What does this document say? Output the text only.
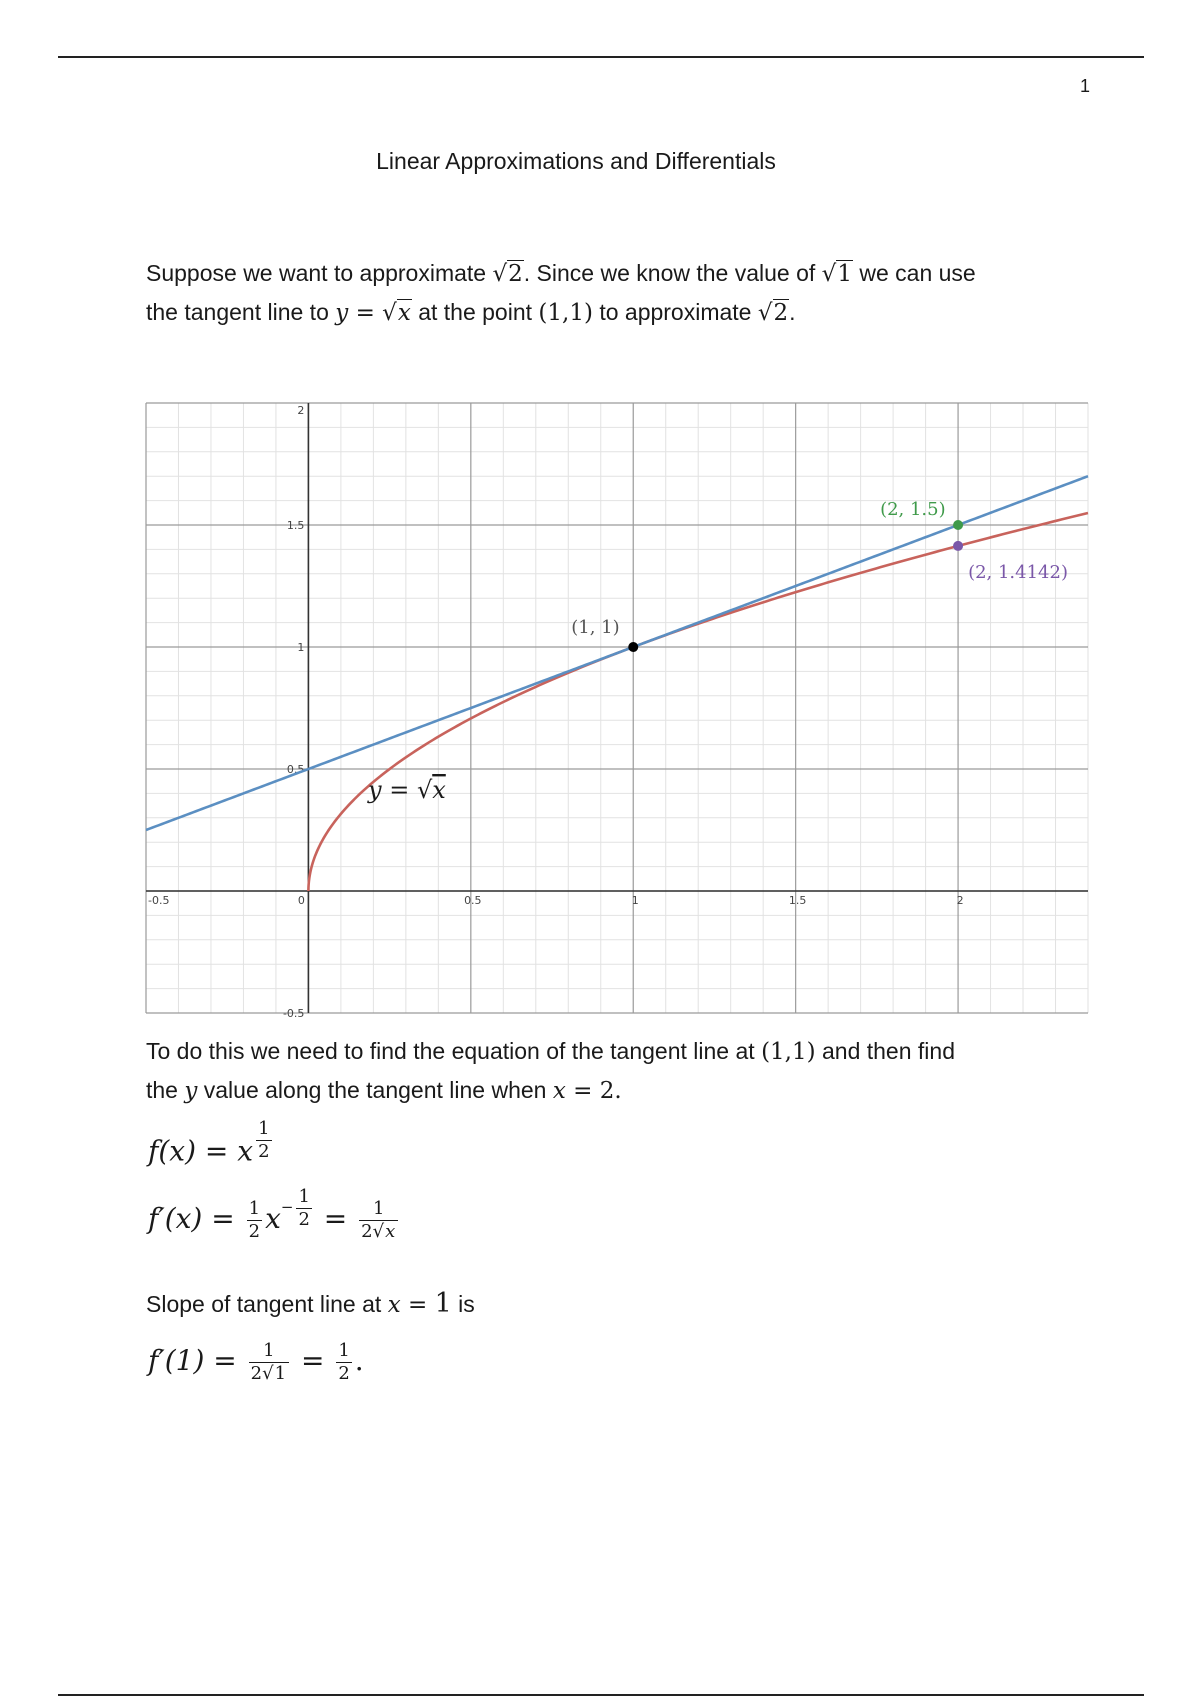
1
Linear Approximations and Differentials
Suppose we want to approximate √2. Since we know the value of √1 we can use
the tangent line to y = √x at the point (1,1) to approximate √2.
-0.5	0	0.5	1	1.5	2
2
1.5
1
0.5
-0.5
(1, 1)
(2, 1.5)
(2, 1.4142)
y = √x
To do this we need to find the equation of the tangent line at (1,1) and then find
the y value along the tangent line when x = 2.
f(x) = x $^{\frac{1}{2}}$
$f'(x) = \frac{1}{2} x^{- \frac{1}{2}} = \frac{1}{2√x}$
Slope of tangent line at x = 1 is
$f'(1) = \frac{1}{2√1} = \frac{1}{2}$ .
